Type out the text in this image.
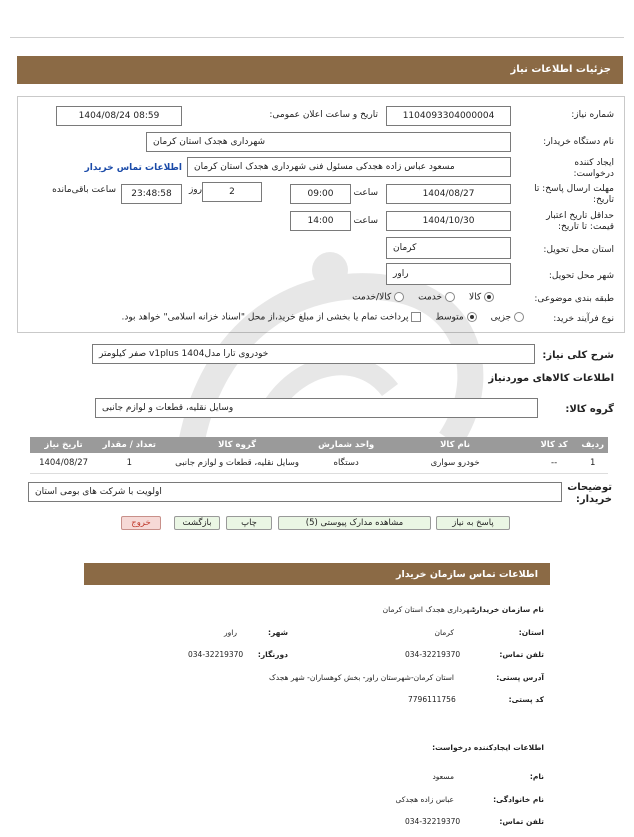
جزئیات اطلاعات نیاز
شماره نیاز:
1104093304000004
تاریخ و ساعت اعلان عمومی:
1404/08/24 08:59
نام دستگاه خریدار:
شهرداری هجدک استان کرمان
ایجاد کننده درخواست:
مسعود عباس زاده هجدکی مسئول فنی شهرداری هجدک استان کرمان
اطلاعات تماس خریدار
مهلت ارسال پاسخ: تا تاریخ:
1404/08/27
ساعت
09:00
2
روز
23:48:58
ساعت باقی‌مانده
حداقل تاریخ اعتبار قیمت: تا تاریخ:
1404/10/30
ساعت
14:00
استان محل تحویل:
کرمان
شهر محل تحویل:
راور
طبقه بندی موضوعی:
کالا
خدمت
کالا/خدمت
نوع فرآیند خرید:
جزیی
متوسط
پرداخت تمام یا بخشی از مبلغ خرید،از محل "اسناد خزانه اسلامی" خواهد بود.
شرح کلی نیاز:
خودروی تارا مدلv1plus 1404 صفر کیلومتر
اطلاعات کالاهای موردنیاز
گروه کالا:
وسایل نقلیه، قطعات و لوازم جانبی
ردیف	کد کالا	نام کالا	واحد شمارش	گروه کالا	تعداد / مقدار	تاریخ نیاز
1	--	خودرو سواری	دستگاه	وسایل نقلیه، قطعات و لوازم جانبی	1	1404/08/27
توضیحات خریدار:
اولویت با شرکت های بومی استان
پاسخ به نیاز
مشاهده مدارک پیوستی (5)
چاپ
بازگشت
خروج
اطلاعات تماس سازمان خریدار
نام سازمان خریدار:
شهرداری هجدک استان کرمان
استان:
کرمان
شهر:
راور
تلفن تماس:
034-32219370
دورنگار:
034-32219370
آدرس پستی:
استان کرمان-شهرستان راور- بخش کوهساران- شهر هجدک
کد پستی:
7796111756
اطلاعات ایجادکننده درخواست:
نام:
مسعود
نام خانوادگی:
عباس زاده هجدکی
تلفن تماس:
034-32219370
